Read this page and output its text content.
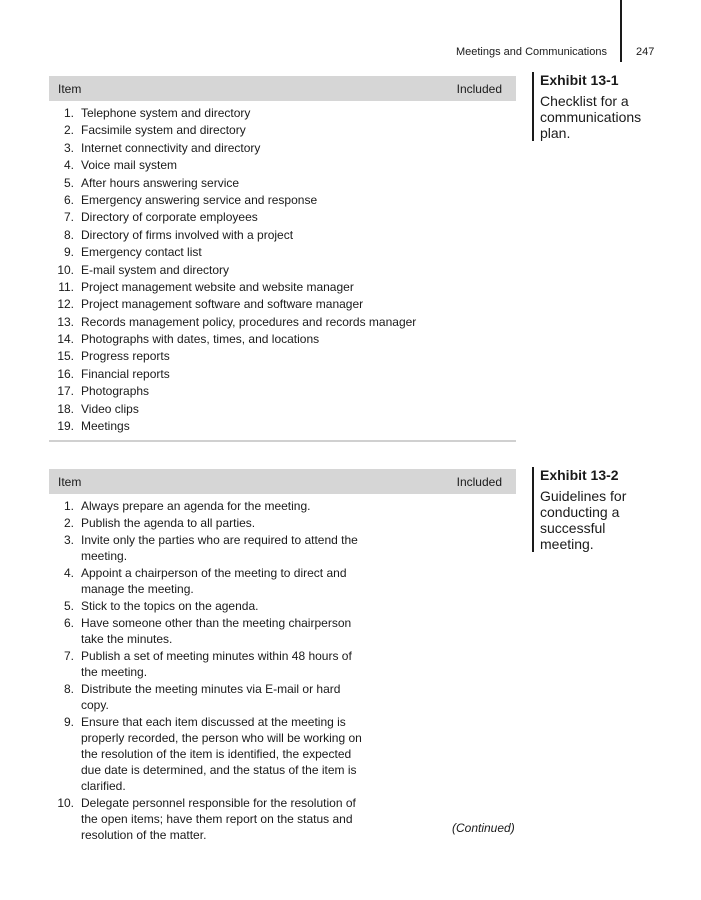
Meetings and Communications	247
Item	Included
1. Telephone system and directory
2. Facsimile system and directory
3. Internet connectivity and directory
4. Voice mail system
5. After hours answering service
6. Emergency answering service and response
7. Directory of corporate employees
8. Directory of firms involved with a project
9. Emergency contact list
10. E-mail system and directory
11. Project management website and website manager
12. Project management software and software manager
13. Records management policy, procedures and records manager
14. Photographs with dates, times, and locations
15. Progress reports
16. Financial reports
17. Photographs
18. Video clips
19. Meetings
Exhibit 13-1
Checklist for a communications plan.
Item	Included
1. Always prepare an agenda for the meeting.
2. Publish the agenda to all parties.
3. Invite only the parties who are required to attend the meeting.
4. Appoint a chairperson of the meeting to direct and manage the meeting.
5. Stick to the topics on the agenda.
6. Have someone other than the meeting chairperson take the minutes.
7. Publish a set of meeting minutes within 48 hours of the meeting.
8. Distribute the meeting minutes via E-mail or hard copy.
9. Ensure that each item discussed at the meeting is properly recorded, the person who will be working on the resolution of the item is identified, the expected due date is determined, and the status of the item is clarified.
10. Delegate personnel responsible for the resolution of the open items; have them report on the status and resolution of the matter.
Exhibit 13-2
Guidelines for conducting a successful meeting.
(Continued)
